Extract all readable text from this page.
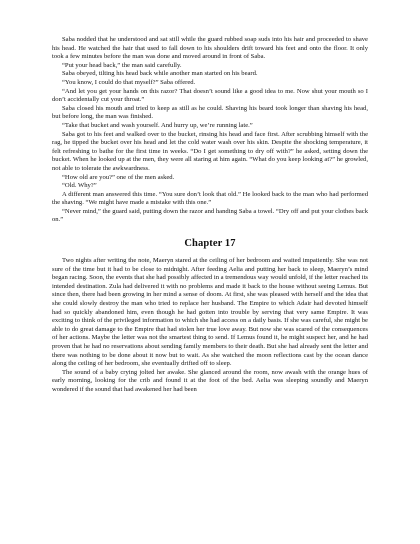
Saba nodded that he understood and sat still while the guard rubbed soap suds into his hair and proceeded to shave his head. He watched the hair that used to fall down to his shoulders drift toward his feet and onto the floor. It only took a few minutes before the man was done and moved around in front of Saba.

“Put your head back,” the man said carefully.

Saba obeyed, tilting his head back while another man started on his beard.

“You know, I could do that myself?” Saba offered.

“And let you get your hands on this razor? That doesn’t sound like a good idea to me. Now shut your mouth so I don’t accidentally cut your throat.”

Saba closed his mouth and tried to keep as still as he could. Shaving his beard took longer than shaving his head, but before long, the man was finished.

“Take that bucket and wash yourself. And hurry up, we’re running late.”

Saba got to his feet and walked over to the bucket, rinsing his head and face first. After scrubbing himself with the rag, he tipped the bucket over his head and let the cold water wash over his skin. Despite the shocking temperature, it felt refreshing to bathe for the first time in weeks. “Do I get something to dry off with?” he asked, setting down the bucket. When he looked up at the men, they were all staring at him again. “What do you keep looking at?” he growled, not able to tolerate the awkwardness.

“How old are you?” one of the men asked.

“Old. Why?”

A different man answered this time. “You sure don’t look that old.” He looked back to the man who had performed the shaving. “We might have made a mistake with this one.”

“Never mind,” the guard said, putting down the razor and handing Saba a towel. “Dry off and put your clothes back on.”

Chapter 17

Two nights after writing the note, Maeryn stared at the ceiling of her bedroom and waited impatiently. She was not sure of the time but it had to be close to midnight. After feeding Aelia and putting her back to sleep, Maeryn’s mind began racing. Soon, the events that she had possibly affected in a tremendous way would unfold, if the letter reached its intended destination. Zula had delivered it with no problems and made it back to the house without seeing Lemus. But since then, there had been growing in her mind a sense of doom. At first, she was pleased with herself and the idea that she could slowly destroy the man who tried to replace her husband. The Empire to which Adair had devoted himself had so quickly abandoned him, even though he had gotten into trouble by serving that very same Empire. It was exciting to think of the privileged information to which she had access on a daily basis. If she was careful, she might be able to do great damage to the Empire that had stolen her true love away. But now she was scared of the consequences of her actions. Maybe the letter was not the smartest thing to send. If Lemus found it, he might suspect her, and he had proven that he had no reservations about sending family members to their death. But she had already sent the letter and there was nothing to be done about it now but to wait. As she watched the moon reflections cast by the ocean dance along the ceiling of her bedroom, she eventually drifted off to sleep.

The sound of a baby crying jolted her awake. She glanced around the room, now awash with the orange hues of early morning, looking for the crib and found it at the foot of the bed. Aelia was sleeping soundly and Maeryn wondered if the sound that had awakened her had been
